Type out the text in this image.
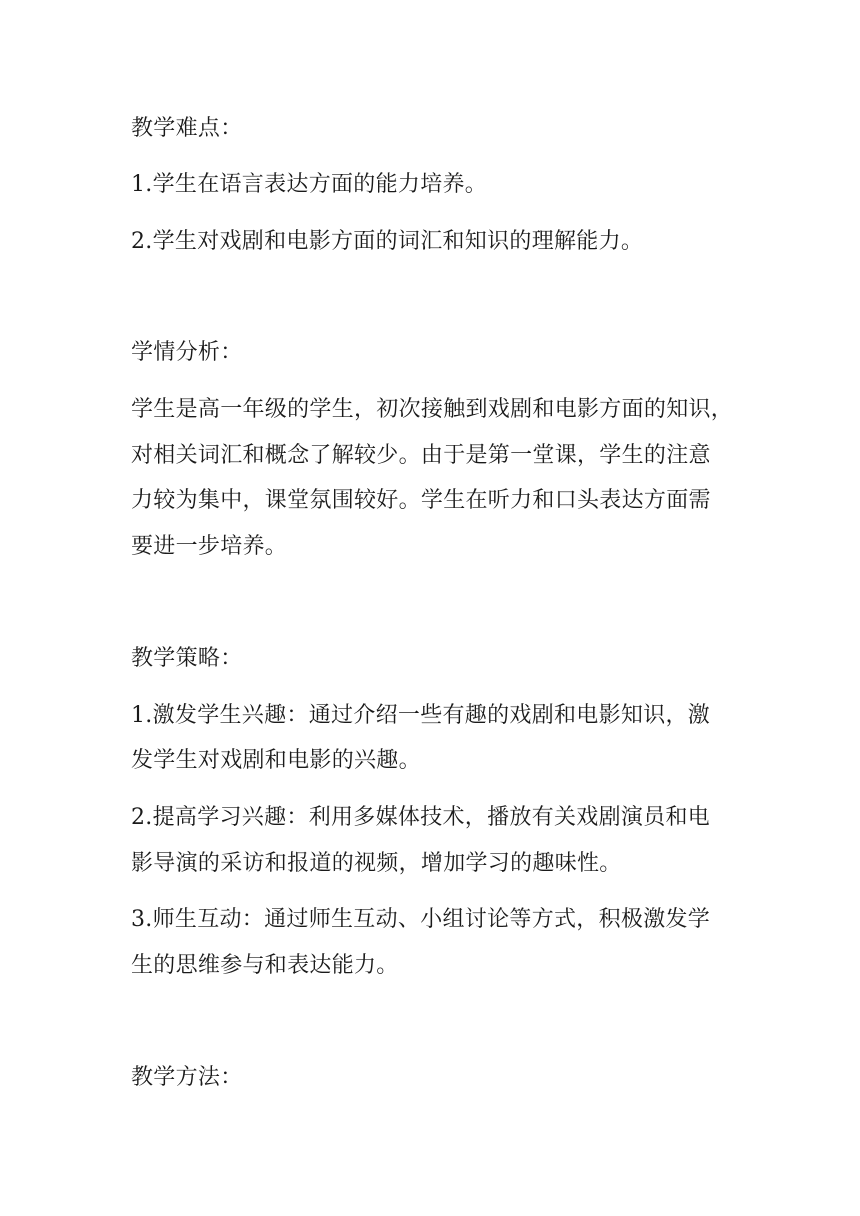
教学难点：
1.学生在语言表达方面的能力培养。
2.学生对戏剧和电影方面的词汇和知识的理解能力。
学情分析：
学生是高一年级的学生，初次接触到戏剧和电影方面的知识，
对相关词汇和概念了解较少。由于是第一堂课，学生的注意
力较为集中，课堂氛围较好。学生在听力和口头表达方面需
要进一步培养。
教学策略：
1.激发学生兴趣：通过介绍一些有趣的戏剧和电影知识，激
发学生对戏剧和电影的兴趣。
2.提高学习兴趣：利用多媒体技术，播放有关戏剧演员和电
影导演的采访和报道的视频，增加学习的趣味性。
3.师生互动：通过师生互动、小组讨论等方式，积极激发学
生的思维参与和表达能力。
教学方法：
